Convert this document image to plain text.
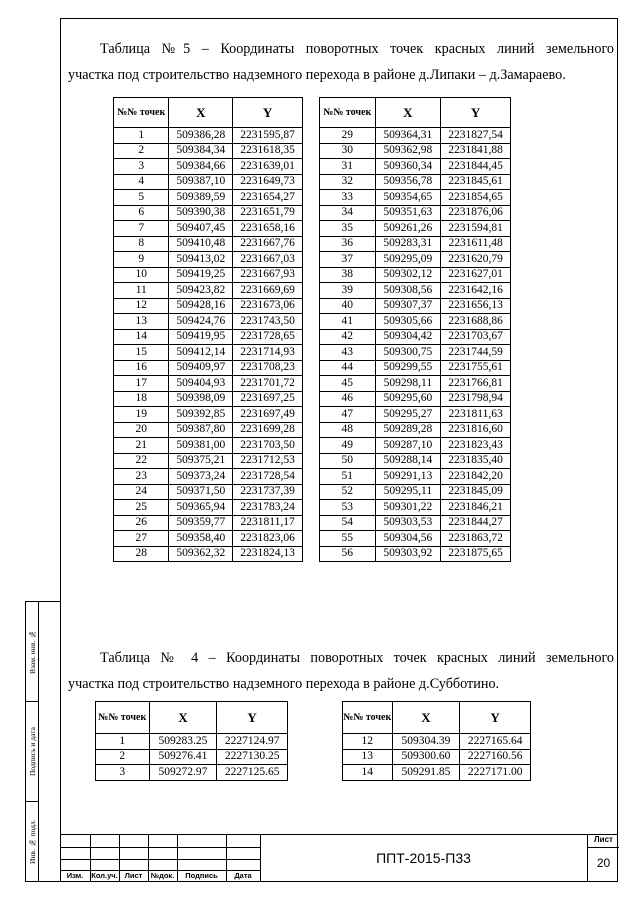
Взам. инв. №
Подпись и дата
Инв. № подл.
Таблица №5 – Координаты поворотных точек красных линий земельного
участка под строительство надземного перехода в районе д.Липаки – д.Замараево.
№№ точек	X	Y
1	509386,28	2231595,87
2	509384,34	2231618,35
3	509384,66	2231639,01
4	509387,10	2231649,73
5	509389,59	2231654,27
6	509390,38	2231651,79
7	509407,45	2231658,16
8	509410,48	2231667,76
9	509413,02	2231667,03
10	509419,25	2231667,93
11	509423,82	2231669,69
12	509428,16	2231673,06
13	509424,76	2231743,50
14	509419,95	2231728,65
15	509412,14	2231714,93
16	509409,97	2231708,23
17	509404,93	2231701,72
18	509398,09	2231697,25
19	509392,85	2231697,49
20	509387,80	2231699,28
21	509381,00	2231703,50
22	509375,21	2231712,53
23	509373,24	2231728,54
24	509371,50	2231737,39
25	509365,94	2231783,24
26	509359,77	2231811,17
27	509358,40	2231823,06
28	509362,32	2231824,13
№№ точек	X	Y
29	509364,31	2231827,54
30	509362,98	2231841,88
31	509360,34	2231844,45
32	509356,78	2231845,61
33	509354,65	2231854,65
34	509351,63	2231876,06
35	509261,26	2231594,81
36	509283,31	2231611,48
37	509295,09	2231620,79
38	509302,12	2231627,01
39	509308,56	2231642,16
40	509307,37	2231656,13
41	509305,66	2231688,86
42	509304,42	2231703,67
43	509300,75	2231744,59
44	509299,55	2231755,61
45	509298,11	2231766,81
46	509295,60	2231798,94
47	509295,27	2231811,63
48	509289,28	2231816,60
49	509287,10	2231823,43
50	509288,14	2231835,40
51	509291,13	2231842,20
52	509295,11	2231845,09
53	509301,22	2231846,21
54	509303,53	2231844,27
55	509304,56	2231863,72
56	509303,92	2231875,65
Таблица № 4 – Координаты поворотных точек красных линий земельного
участка под строительство надземного перехода в районе д.Субботино.
№№ точек	X	Y
1	509283.25	2227124.97
2	509276.41	2227130.25
3	509272.97	2227125.65
№№ точек	X	Y
12	509304.39	2227165.64
13	509300.60	2227160.56
14	509291.85	2227171.00
Изм.	Кол.уч. Лист	№док.	Подпись	Дата
ППТ-2015-П33
Лист
20
